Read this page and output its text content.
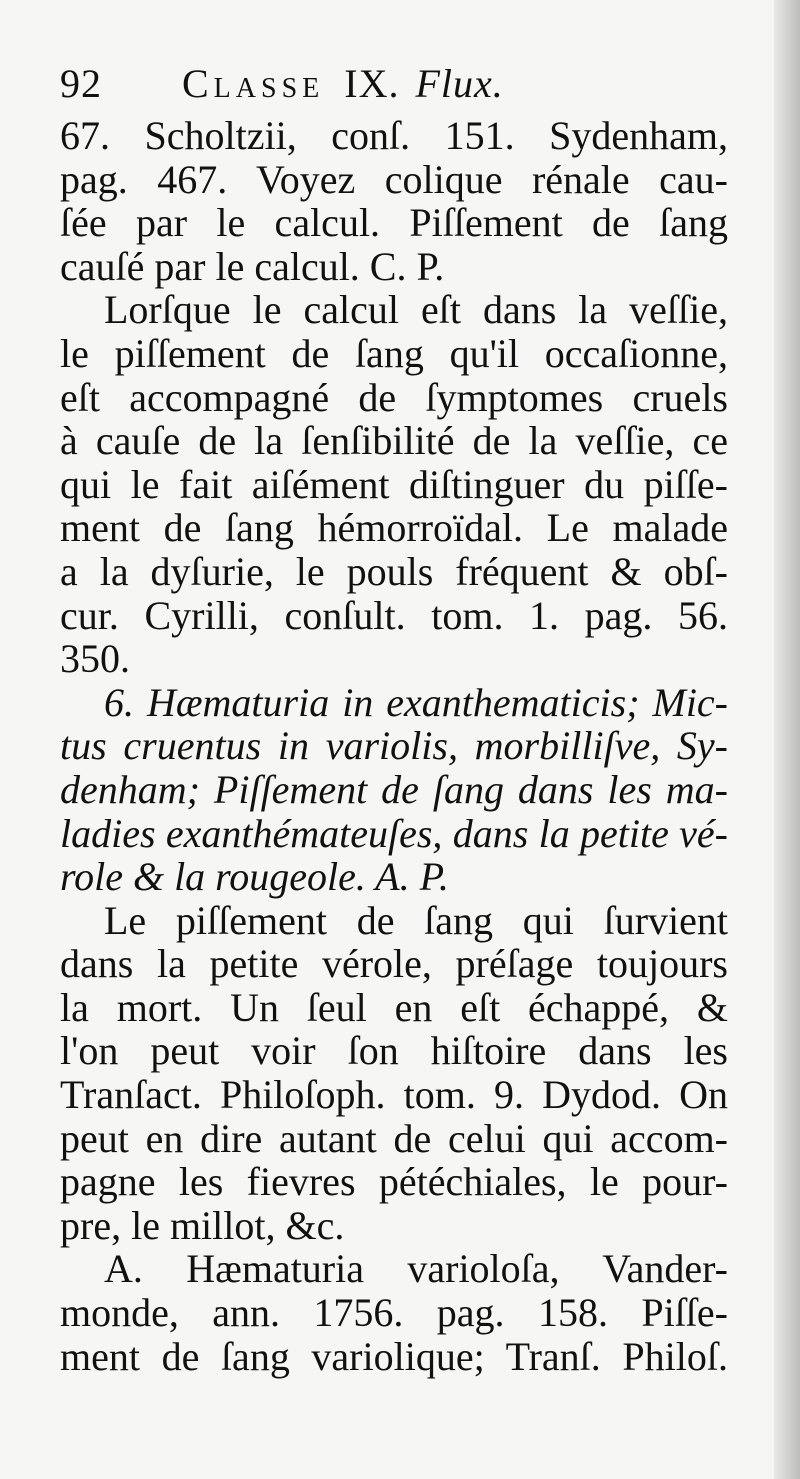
92 Classe IX. Flux.

67. Scholtzii, conſ. 151. Sydenham,
pag. 467. Voyez colique rénale cau-
ſée par le calcul. Piſſement de ſang
cauſé par le calcul. C. P.

Lorſque le calcul eſt dans la veſſie,
le piſſement de ſang qu'il occaſionne,
eſt accompagné de ſymptomes cruels
à cauſe de la ſenſibilité de la veſſie, ce
qui le fait aiſément diſtinguer du piſſe-
ment de ſang hémorroïdal. Le malade
a la dyſurie, le pouls fréquent & obſ-
cur. Cyrilli, conſult. tom. 1. pag. 56.
350.

6. Hæmaturia in exanthematicis; Mic-
tus cruentus in variolis, morbilliſve, Sy-
denham; Piſſement de ſang dans les ma-
ladies exanthémateuſes, dans la petite vé-
role & la rougeole. A. P.

Le piſſement de ſang qui ſurvient
dans la petite vérole, préſage toujours
la mort. Un ſeul en eſt échappé, &
l'on peut voir ſon hiſtoire dans les
Tranſact. Philoſoph. tom. 9. Dydod. On
peut en dire autant de celui qui accom-
pagne les fievres pétéchiales, le pour-
pre, le millot, &c.

A. Hæmaturia varioloſa, Vander-
monde, ann. 1756. pag. 158. Piſſe-
ment de ſang variolique; Tranſ. Philoſ.
